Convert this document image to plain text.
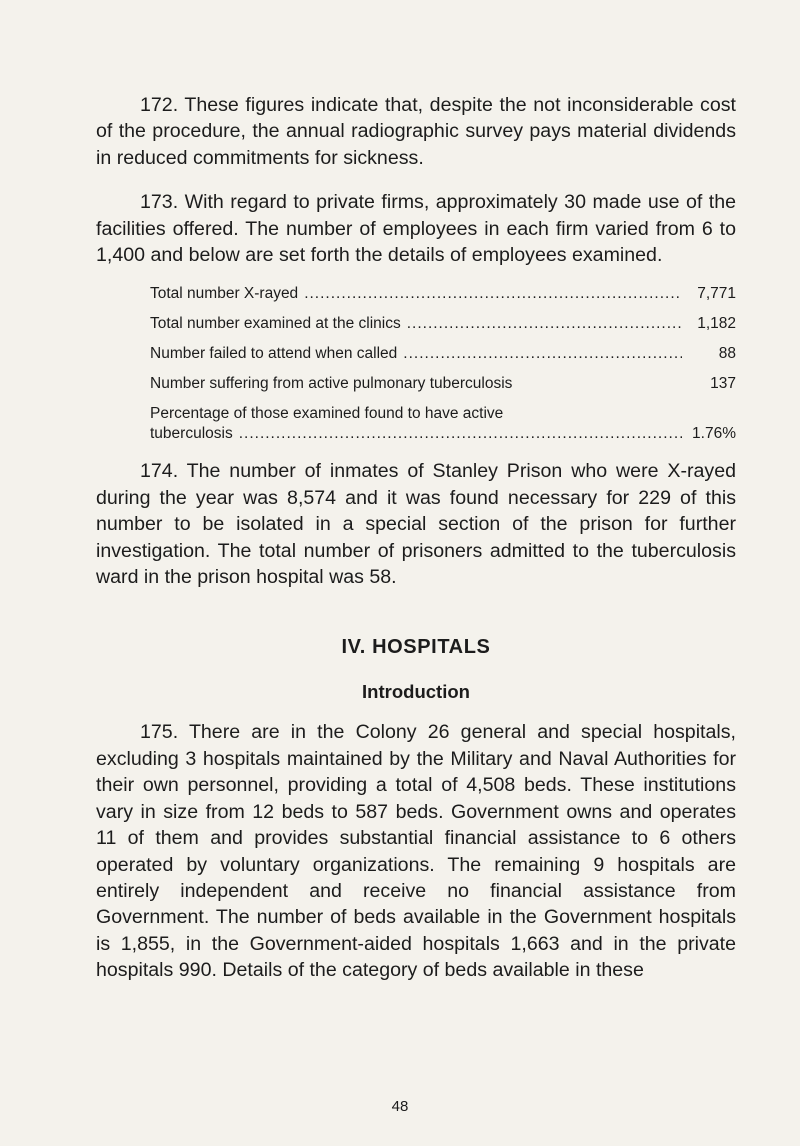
172. These figures indicate that, despite the not inconsiderable cost of the procedure, the annual radiographic survey pays material dividends in reduced commitments for sickness.

173. With regard to private firms, approximately 30 made use of the facilities offered. The number of employees in each firm varied from 6 to 1,400 and below are set forth the details of employees examined.

Total number X-rayed .....	7,771
Total number examined at the clinics .....	1,182
Number failed to attend when called .....	88
Number suffering from active pulmonary tuberculosis	137
Percentage of those examined found to have active
tuberculosis .....	1.76%

174. The number of inmates of Stanley Prison who were X-rayed during the year was 8,574 and it was found necessary for 229 of this number to be isolated in a special section of the prison for further investigation. The total number of prisoners admitted to the tuberculosis ward in the prison hospital was 58.

IV. HOSPITALS
Introduction

175. There are in the Colony 26 general and special hospitals, excluding 3 hospitals maintained by the Military and Naval Authorities for their own personnel, providing a total of 4,508 beds. These institutions vary in size from 12 beds to 587 beds. Government owns and operates 11 of them and provides substantial financial assistance to 6 others operated by voluntary organizations. The remaining 9 hospitals are entirely independent and receive no financial assistance from Government. The number of beds available in the Government hospitals is 1,855, in the Government-aided hospitals 1,663 and in the private hospitals 990. Details of the category of beds available in these

48
